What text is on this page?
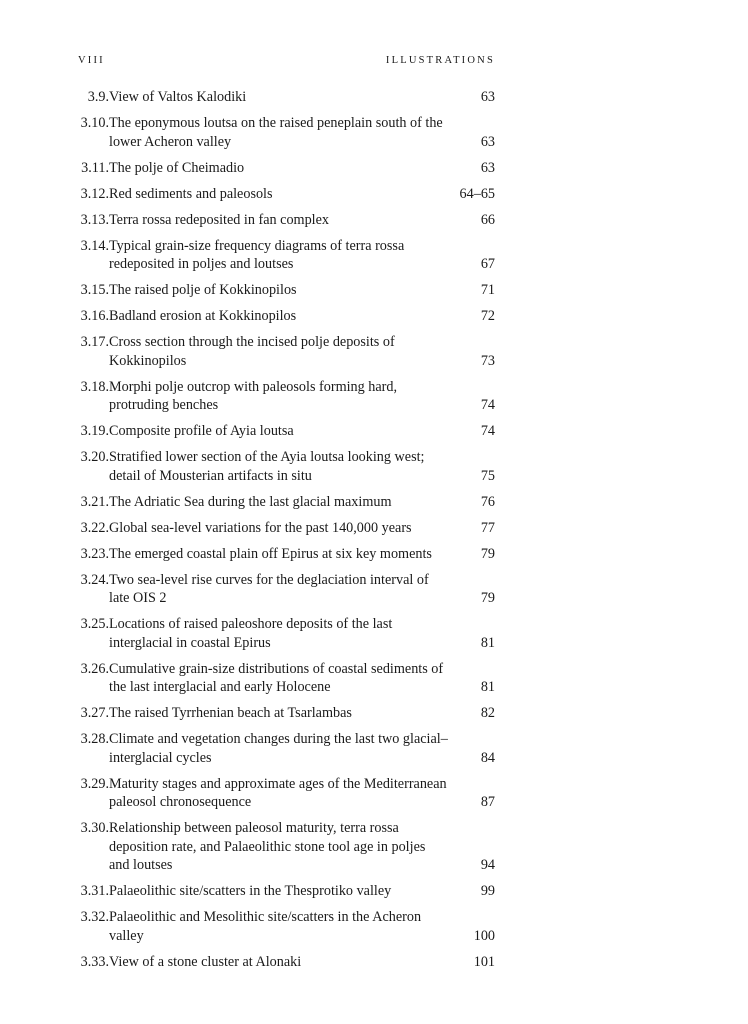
VIII	ILLUSTRATIONS
3.9. View of Valtos Kalodiki	63
3.10. The eponymous loutsa on the raised peneplain south of the lower Acheron valley	63
3.11. The polje of Cheimadio	63
3.12. Red sediments and paleosols	64–65
3.13. Terra rossa redeposited in fan complex	66
3.14. Typical grain-size frequency diagrams of terra rossa redeposited in poljes and loutses	67
3.15. The raised polje of Kokkinopilos	71
3.16. Badland erosion at Kokkinopilos	72
3.17. Cross section through the incised polje deposits of Kokkinopilos	73
3.18. Morphi polje outcrop with paleosols forming hard, protruding benches	74
3.19. Composite profile of Ayia loutsa	74
3.20. Stratified lower section of the Ayia loutsa looking west; detail of Mousterian artifacts in situ	75
3.21. The Adriatic Sea during the last glacial maximum	76
3.22. Global sea-level variations for the past 140,000 years	77
3.23. The emerged coastal plain off Epirus at six key moments	79
3.24. Two sea-level rise curves for the deglaciation interval of late OIS 2	79
3.25. Locations of raised paleoshore deposits of the last interglacial in coastal Epirus	81
3.26. Cumulative grain-size distributions of coastal sediments of the last interglacial and early Holocene	81
3.27. The raised Tyrrhenian beach at Tsarlambas	82
3.28. Climate and vegetation changes during the last two glacial–interglacial cycles	84
3.29. Maturity stages and approximate ages of the Mediterranean paleosol chronosequence	87
3.30. Relationship between paleosol maturity, terra rossa deposition rate, and Palaeolithic stone tool age in poljes and loutses	94
3.31. Palaeolithic site/scatters in the Thesprotiko valley	99
3.32. Palaeolithic and Mesolithic site/scatters in the Acheron valley	100
3.33. View of a stone cluster at Alonaki	101
